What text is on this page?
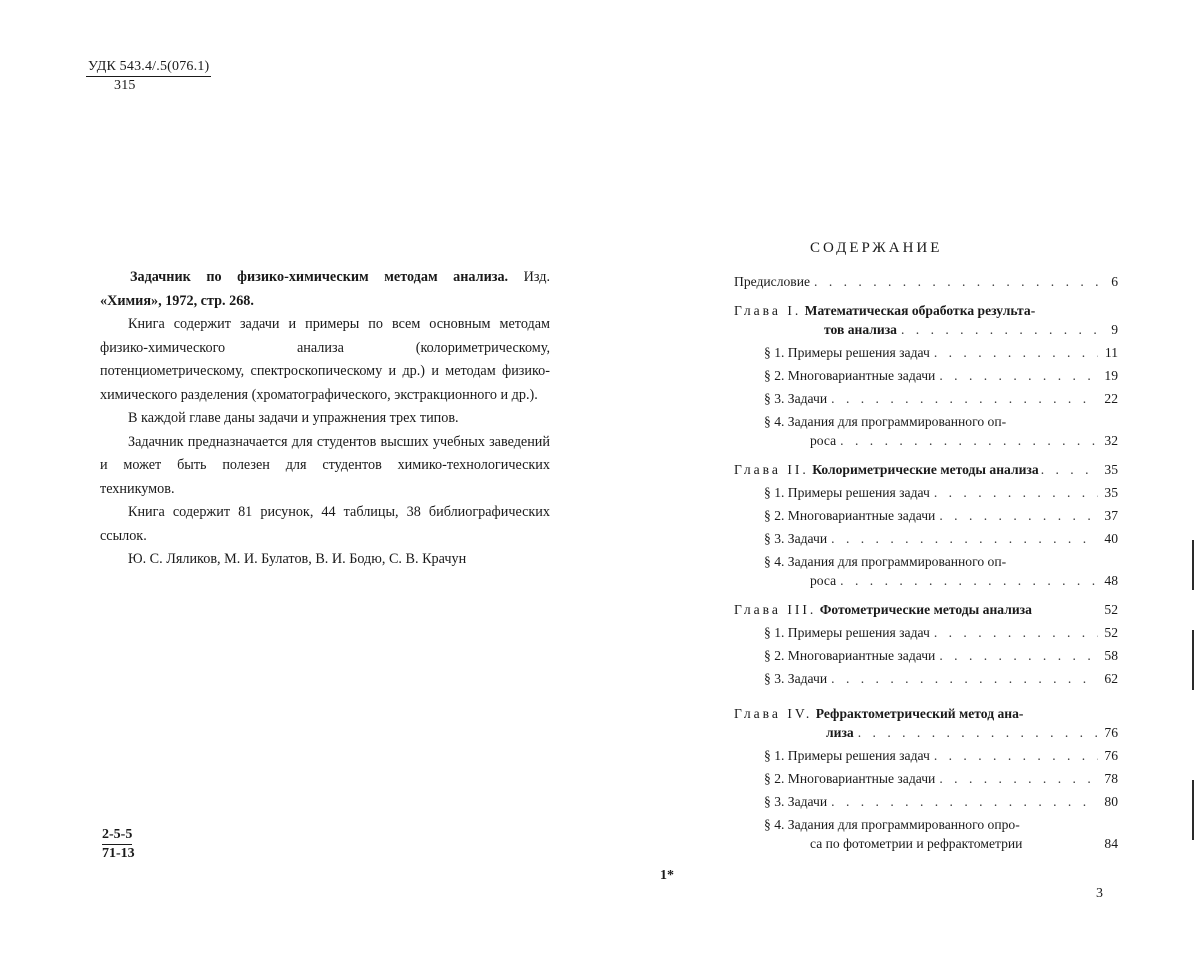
УДК 543.4/.5(076.1)
315

Задачник по физико-химическим методам анализа. Изд. «Химия», 1972, стр. 268.

Книга содержит задачи и примеры по всем основным методам физико-химического анализа (колориметрическому, потенциометрическому, спектроскопическому и др.) и методам физико-химического разделения (хроматографического, экстракционного и др.).

В каждой главе даны задачи и упражнения трех типов.

Задачник предназначается для студентов высших учебных заведений и может быть полезен для студентов химико-технологических техникумов.

Книга содержит 81 рисунок, 44 таблицы, 38 библиографических ссылок.

Ю. С. Ляликов, М. И. Булатов, В. И. Бодю, С. В. Крачун

2-5-5
71-13
1*
СОДЕРЖАНИЕ
Предисловие . . .	6
Глава I. Математическая обработка результа-
тов анализа . . .	9
§ 1. Примеры решения задач . . .	11
§ 2. Многовариантные задачи . . .	19
§ 3. Задачи . . .	22
§ 4. Задания для программированного оп-
роса . . .	32
Глава II. Колориметрические методы анализа . . .	35
§ 1. Примеры решения задач . . .	35
§ 2. Многовариантные задачи . . .	37
§ 3. Задачи . . .	40
§ 4. Задания для программированного оп-
роса . . .	48
Глава III. Фотометрические методы анализа	52
§ 1. Примеры решения задач . . .	52
§ 2. Многовариантные задачи . . .	58
§ 3. Задачи . . .	62
Глава IV. Рефрактометрический метод ана-
лиза . . .	76
§ 1. Примеры решения задач . . .	76
§ 2. Многовариантные задачи . . .	78
§ 3. Задачи . . .	80
§ 4. Задания для программированного опро-
са по фотометрии и рефрактометрии	84
3
